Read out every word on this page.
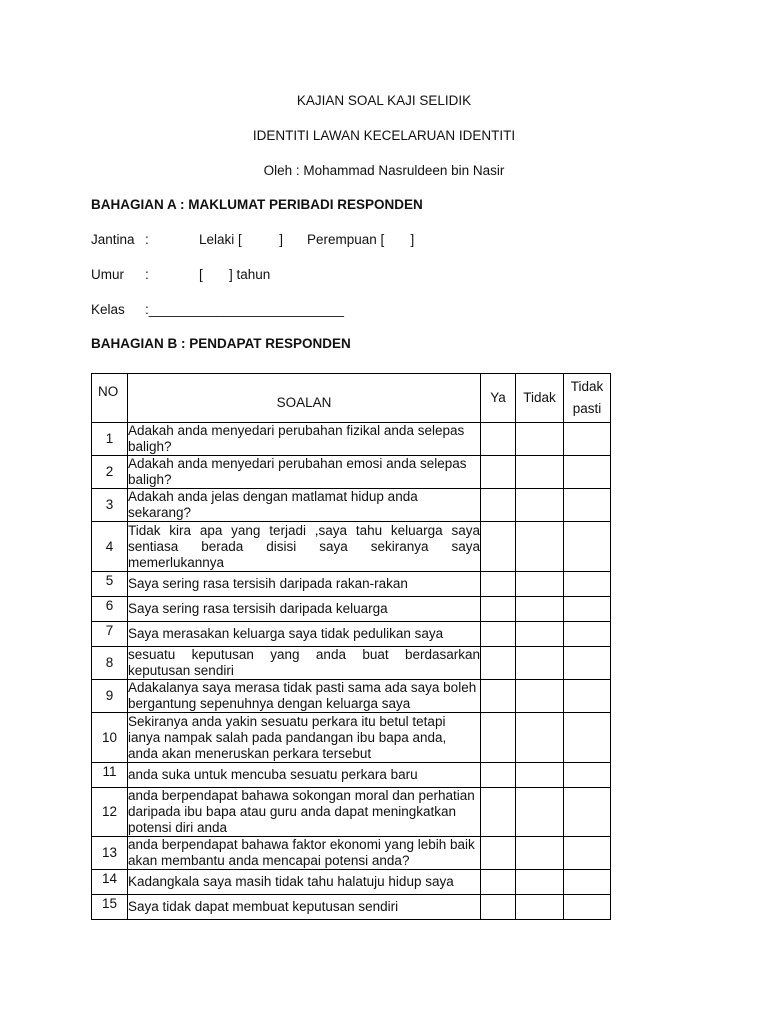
KAJIAN SOAL KAJI SELIDIK
IDENTITI LAWAN KECELARUAN IDENTITI
Oleh : Mohammad Nasruldeen bin Nasir
BAHAGIAN A : MAKLUMAT PERIBADI RESPONDEN
Jantina :	Lelaki [          ] Perempuan [       ]
Umur :	[       ] tahun
Kelas :__________________________
BAHAGIAN B : PENDAPAT RESPONDEN
NO	SOALAN	Ya	Tidak	Tidak
pasti

1	Adakah anda menyedari perubahan fizikal anda selepas baligh?			

2	Adakah anda menyedari perubahan emosi anda selepas baligh?			

3	Adakah anda jelas dengan matlamat hidup anda sekarang?			

4	Tidak kira apa yang terjadi ,saya tahu keluarga saya sentiasa berada disisi saya sekiranya saya memerlukannya			

5	Saya sering rasa tersisih daripada rakan-rakan			

6	Saya sering rasa tersisih daripada keluarga			

7	Saya merasakan keluarga saya tidak pedulikan saya			

8	sesuatu keputusan yang anda buat berdasarkan keputusan sendiri			

9	Adakalanya saya merasa tidak pasti sama ada saya boleh bergantung sepenuhnya dengan keluarga saya			

10	Sekiranya anda yakin sesuatu perkara itu betul tetapi ianya nampak salah pada pandangan ibu bapa anda, anda akan meneruskan perkara tersebut			

11	anda suka untuk mencuba sesuatu perkara baru			

12	anda berpendapat bahawa sokongan moral dan perhatian daripada ibu bapa atau guru anda dapat meningkatkan potensi diri anda			

13	anda berpendapat bahawa faktor ekonomi yang lebih baik akan membantu anda mencapai potensi anda?			

14	Kadangkala saya masih tidak tahu halatuju hidup saya			

15	Saya tidak dapat membuat keputusan sendiri			
